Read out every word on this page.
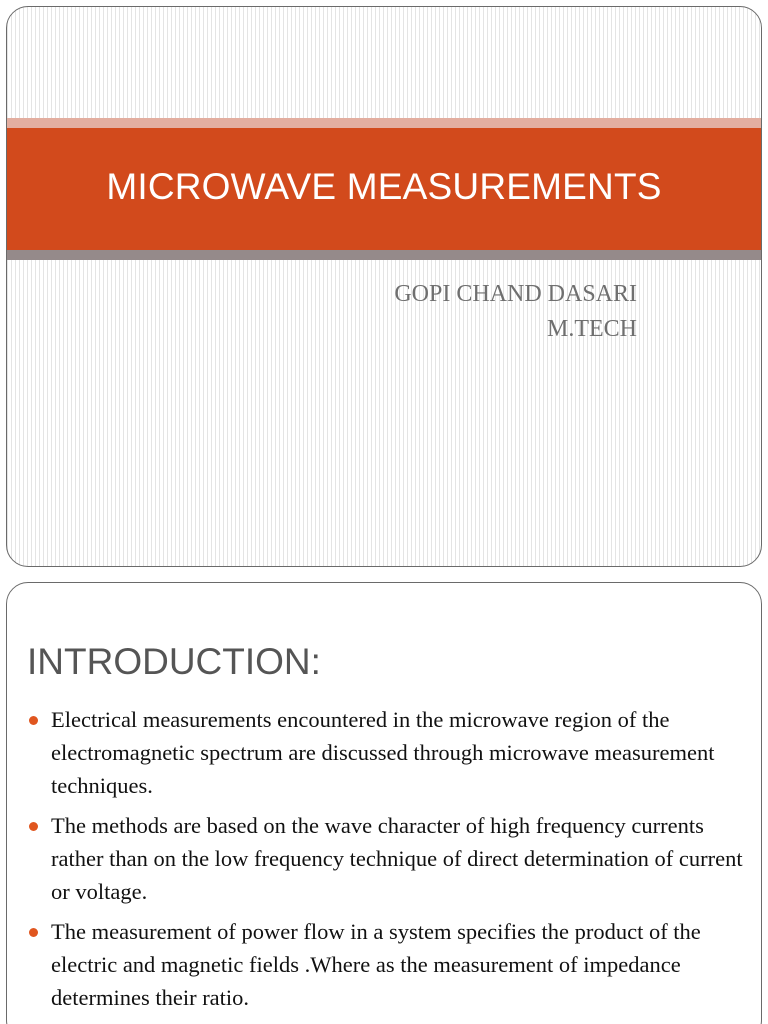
MICROWAVE MEASUREMENTS
GOPI CHAND DASARI
M.TECH
INTRODUCTION:
Electrical measurements encountered in the microwave region of the electromagnetic spectrum are discussed through microwave measurement techniques.
The methods are based on the wave character of high frequency currents rather than on the low frequency technique of direct determination of current or voltage.
The measurement of power flow in a system specifies the product of the electric and magnetic fields .Where as the measurement of impedance determines their ratio.
